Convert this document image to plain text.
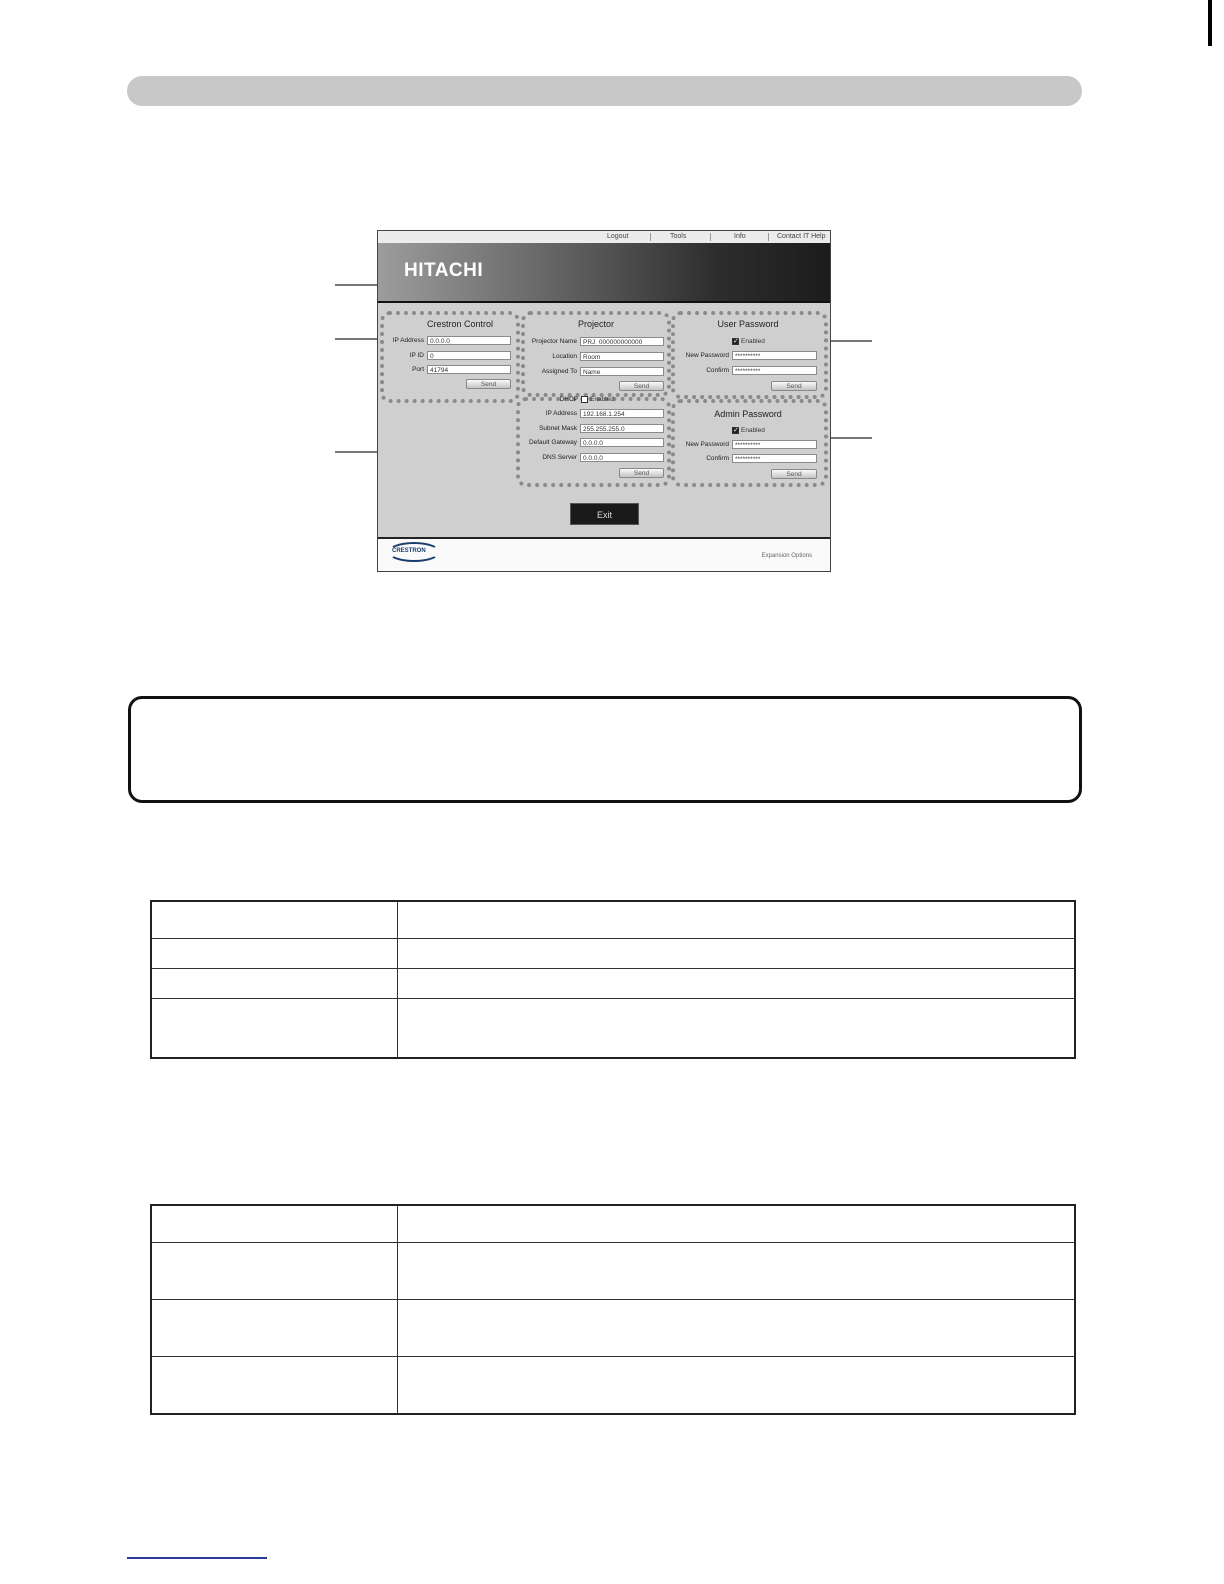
Logout	Tools	Info	Contact IT Help
HITACHI
Crestron Control
IP Address 0.0.0.0
IP ID 0
Port 41794
Send
Projector
Projector Name PRJ_000000000000
Location Room
Assigned To Name
Send
DHCP Enabled
IP Address 192.168.1.254
Subnet Mask 255.255.255.0
Default Gateway 0.0.0.0
DNS Server 0.0.0.0
Send
User Password
✓ Enabled
New Password **********
Confirm **********
Send
Admin Password
✓ Enabled
New Password **********
Confirm **********
Send
Exit
CRESTRON
Expansion Options
